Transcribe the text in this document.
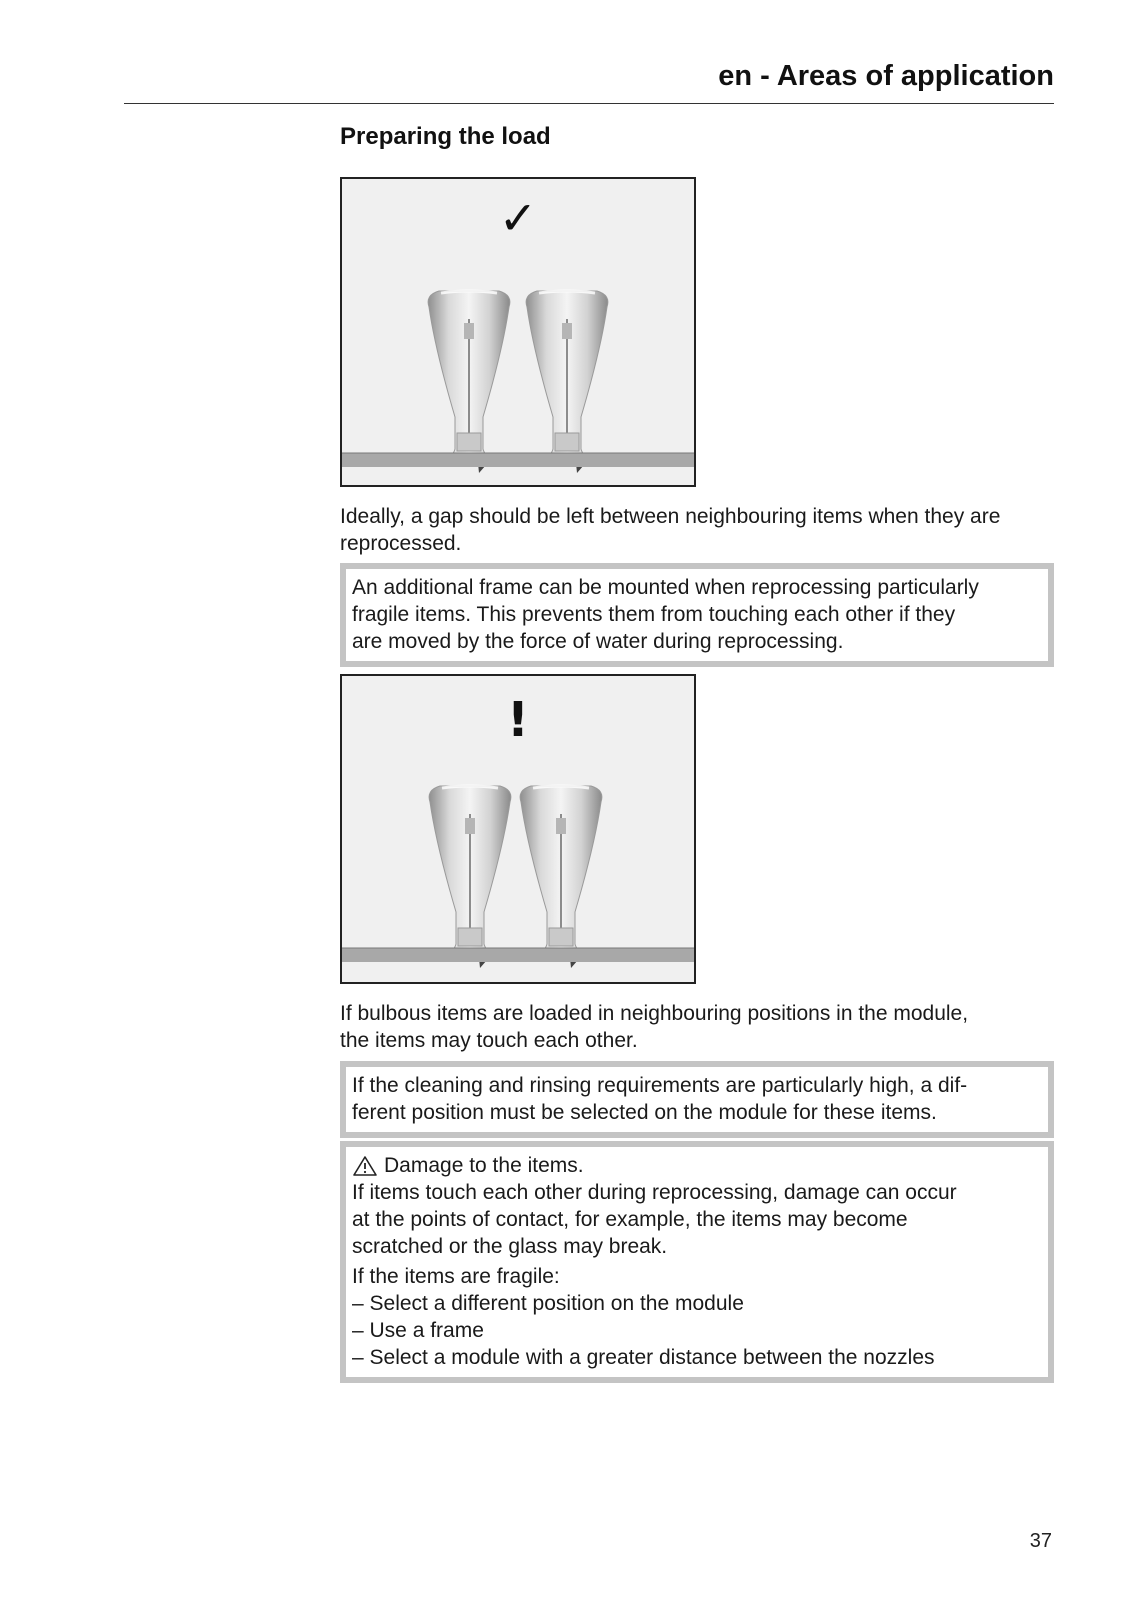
en - Areas of application
Preparing the load
✓
Ideally, a gap should be left between neighbouring items when they are reprocessed.

An additional frame can be mounted when reprocessing particularly

fragile items. This prevents them from touching each other if they

are moved by the force of water during reprocessing.

!
If bulbous items are loaded in neighbouring positions in the module,
the items may touch each other.

If the cleaning and rinsing requirements are particularly high, a dif-

ferent position must be selected on the module for these items.

Damage to the items.

If items touch each other during reprocessing, damage can occur

at the points of contact, for example, the items may become

scratched or the glass may break.

If the items are fragile:

– Select a different position on the module

– Use a frame

– Select a module with a greater distance between the nozzles

37
